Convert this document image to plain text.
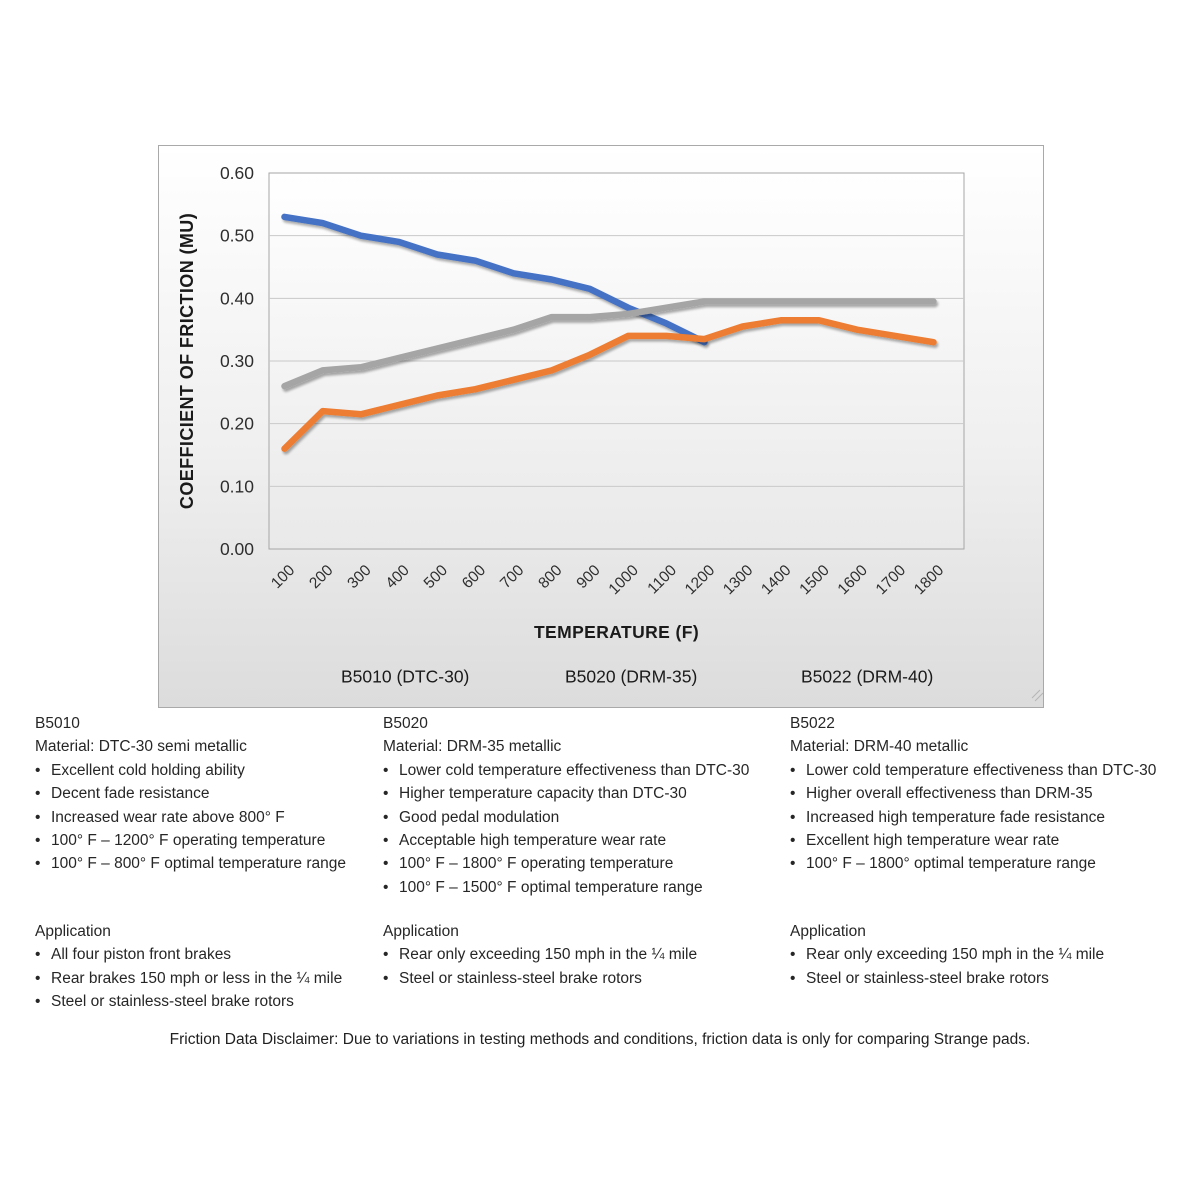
0.00
0.10
0.20
0.30
0.40
0.50
0.60
100 200 300 400 500 600 700 800 900 1000 1100 1200 1300 1400 1500 1600 1700 1800
TEMPERATURE (F)
COEFFICIENT OF FRICTION (MU)
B5010 (DTC-30)	B5020 (DRM-35)	B5022 (DRM-40)
B5010
Material: DTC-30 semi metallic
• Excellent cold holding ability
• Decent fade resistance
• Increased wear rate above 800° F
• 100° F – 1200° F operating temperature
• 100° F – 800° F optimal temperature range
B5020
Material: DRM-35 metallic
• Lower cold temperature effectiveness than DTC-30
• Higher temperature capacity than DTC-30
• Good pedal modulation
• Acceptable high temperature wear rate
• 100° F – 1800° F operating temperature
• 100° F – 1500° F optimal temperature range
B5022
Material: DRM-40 metallic
• Lower cold temperature effectiveness than DTC-30
• Higher overall effectiveness than DRM-35
• Increased high temperature fade resistance
• Excellent high temperature wear rate
• 100° F – 1800° optimal temperature range
Application
• All four piston front brakes
• Rear brakes 150 mph or less in the ¼ mile
• Steel or stainless-steel brake rotors
Application
• Rear only exceeding 150 mph in the ¼ mile
• Steel or stainless-steel brake rotors
Application
• Rear only exceeding 150 mph in the ¼ mile
• Steel or stainless-steel brake rotors
Friction Data Disclaimer: Due to variations in testing methods and conditions, friction data is only for comparing Strange pads.
